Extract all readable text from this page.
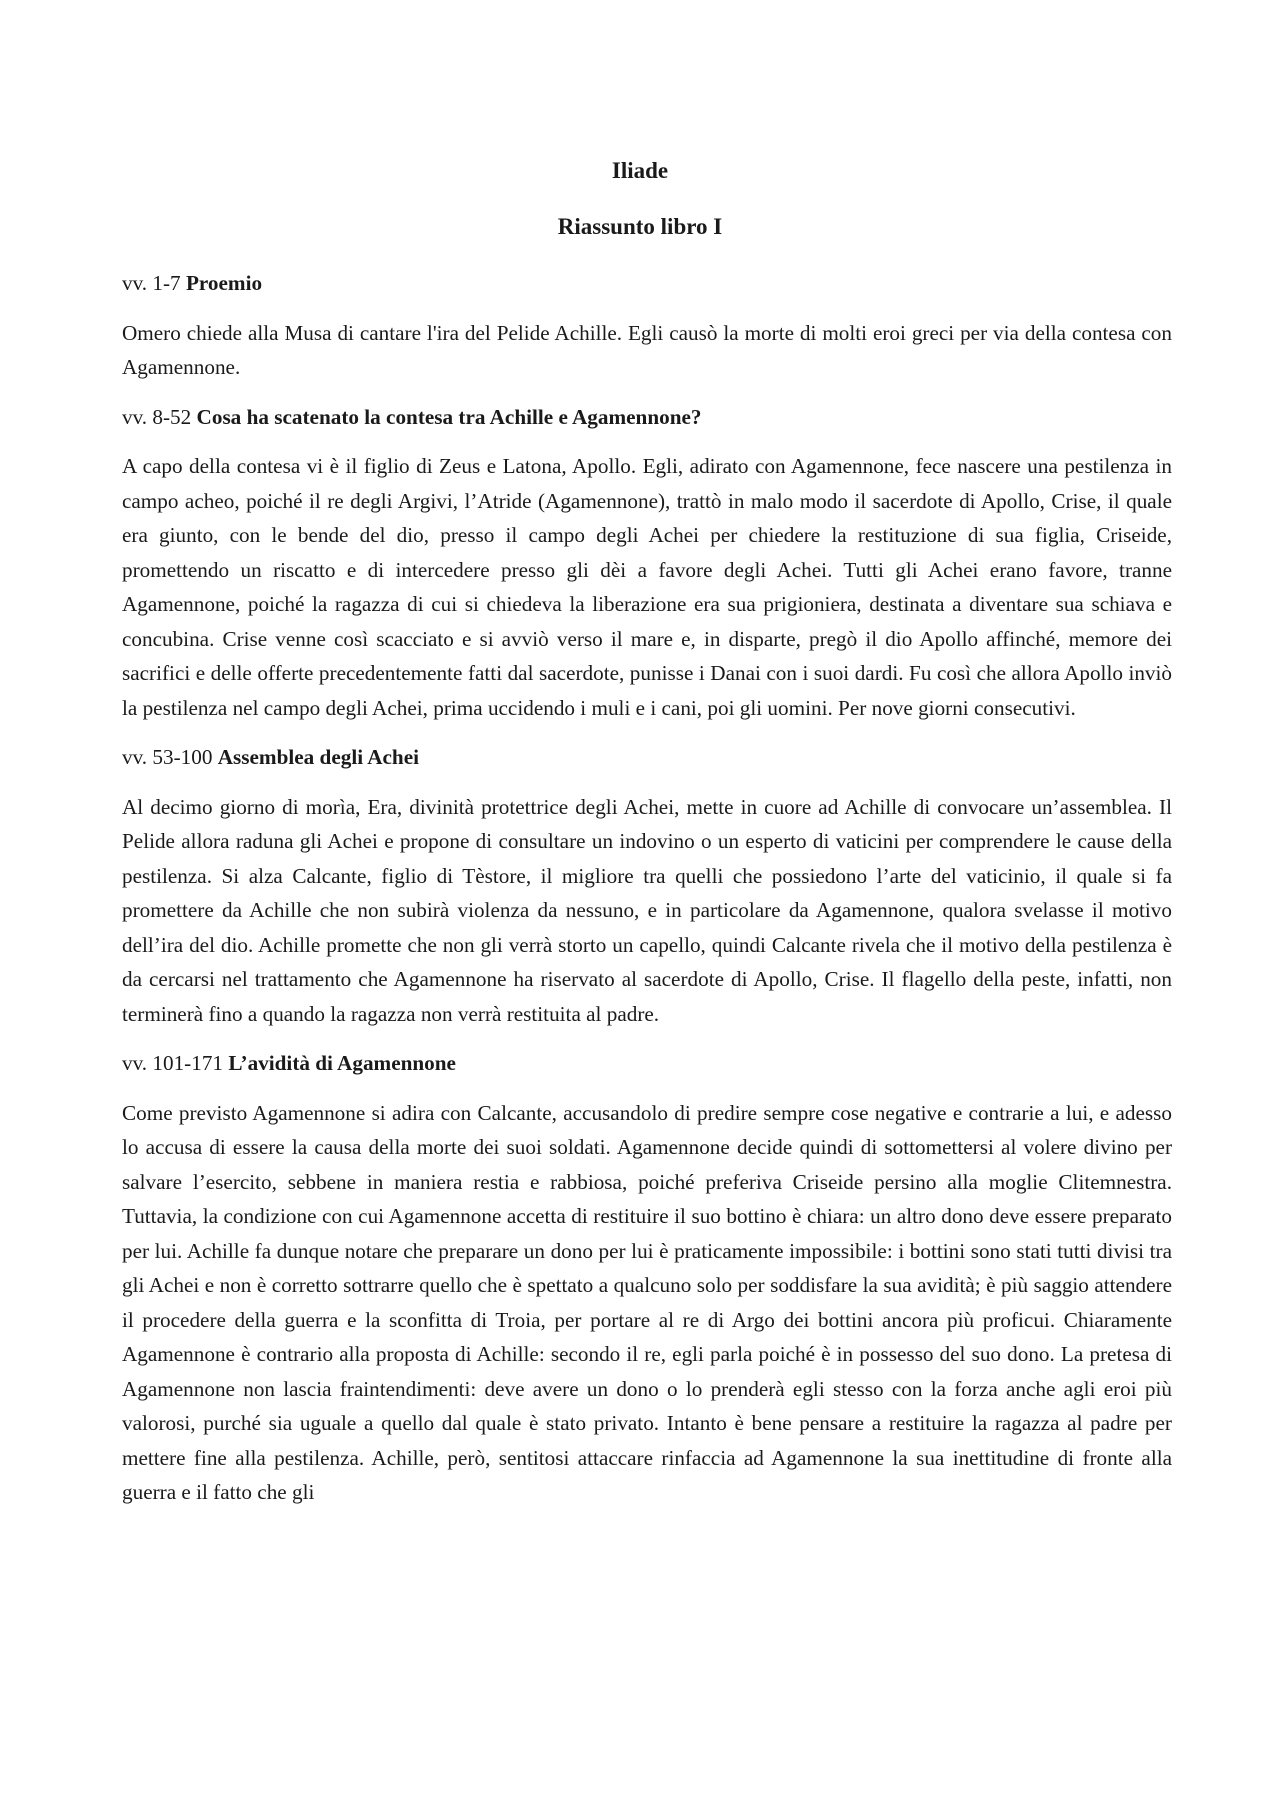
Iliade
Riassunto libro I

vv. 1-7 Proemio

Omero chiede alla Musa di cantare l'ira del Pelide Achille. Egli causò la morte di molti eroi greci per via della contesa con Agamennone.

vv. 8-52 Cosa ha scatenato la contesa tra Achille e Agamennone?

A capo della contesa vi è il figlio di Zeus e Latona, Apollo. Egli, adirato con Agamennone, fece nascere una pestilenza in campo acheo, poiché il re degli Argivi, l’Atride (Agamennone), trattò in malo modo il sacerdote di Apollo, Crise, il quale era giunto, con le bende del dio, presso il campo degli Achei per chiedere la restituzione di sua figlia, Criseide, promettendo un riscatto e di intercedere presso gli dèi a favore degli Achei. Tutti gli Achei erano favore, tranne Agamennone, poiché la ragazza di cui si chiedeva la liberazione era sua prigioniera, destinata a diventare sua schiava e concubina. Crise venne così scacciato e si avviò verso il mare e, in disparte, pregò il dio Apollo affinché, memore dei sacrifici e delle offerte precedentemente fatti dal sacerdote, punisse i Danai con i suoi dardi. Fu così che allora Apollo inviò la pestilenza nel campo degli Achei, prima uccidendo i muli e i cani, poi gli uomini. Per nove giorni consecutivi.

vv. 53-100 Assemblea degli Achei

Al decimo giorno di morìa, Era, divinità protettrice degli Achei, mette in cuore ad Achille di convocare un’assemblea. Il Pelide allora raduna gli Achei e propone di consultare un indovino o un esperto di vaticini per comprendere le cause della pestilenza. Si alza Calcante, figlio di Tèstore, il migliore tra quelli che possiedono l’arte del vaticinio, il quale si fa promettere da Achille che non subirà violenza da nessuno, e in particolare da Agamennone, qualora svelasse il motivo dell’ira del dio. Achille promette che non gli verrà storto un capello, quindi Calcante rivela che il motivo della pestilenza è da cercarsi nel trattamento che Agamennone ha riservato al sacerdote di Apollo, Crise. Il flagello della peste, infatti, non terminerà fino a quando la ragazza non verrà restituita al padre.

vv. 101-171 L’avidità di Agamennone

Come previsto Agamennone si adira con Calcante, accusandolo di predire sempre cose negative e contrarie a lui, e adesso lo accusa di essere la causa della morte dei suoi soldati. Agamennone decide quindi di sottomettersi al volere divino per salvare l’esercito, sebbene in maniera restia e rabbiosa, poiché preferiva Criseide persino alla moglie Clitemnestra. Tuttavia, la condizione con cui Agamennone accetta di restituire il suo bottino è chiara: un altro dono deve essere preparato per lui. Achille fa dunque notare che preparare un dono per lui è praticamente impossibile: i bottini sono stati tutti divisi tra gli Achei e non è corretto sottrarre quello che è spettato a qualcuno solo per soddisfare la sua avidità; è più saggio attendere il procedere della guerra e la sconfitta di Troia, per portare al re di Argo dei bottini ancora più proficui. Chiaramente Agamennone è contrario alla proposta di Achille: secondo il re, egli parla poiché è in possesso del suo dono. La pretesa di Agamennone non lascia fraintendimenti: deve avere un dono o lo prenderà egli stesso con la forza anche agli eroi più valorosi, purché sia uguale a quello dal quale è stato privato. Intanto è bene pensare a restituire la ragazza al padre per mettere fine alla pestilenza. Achille, però, sentitosi attaccare rinfaccia ad Agamennone la sua inettitudine di fronte alla guerra e il fatto che gli
